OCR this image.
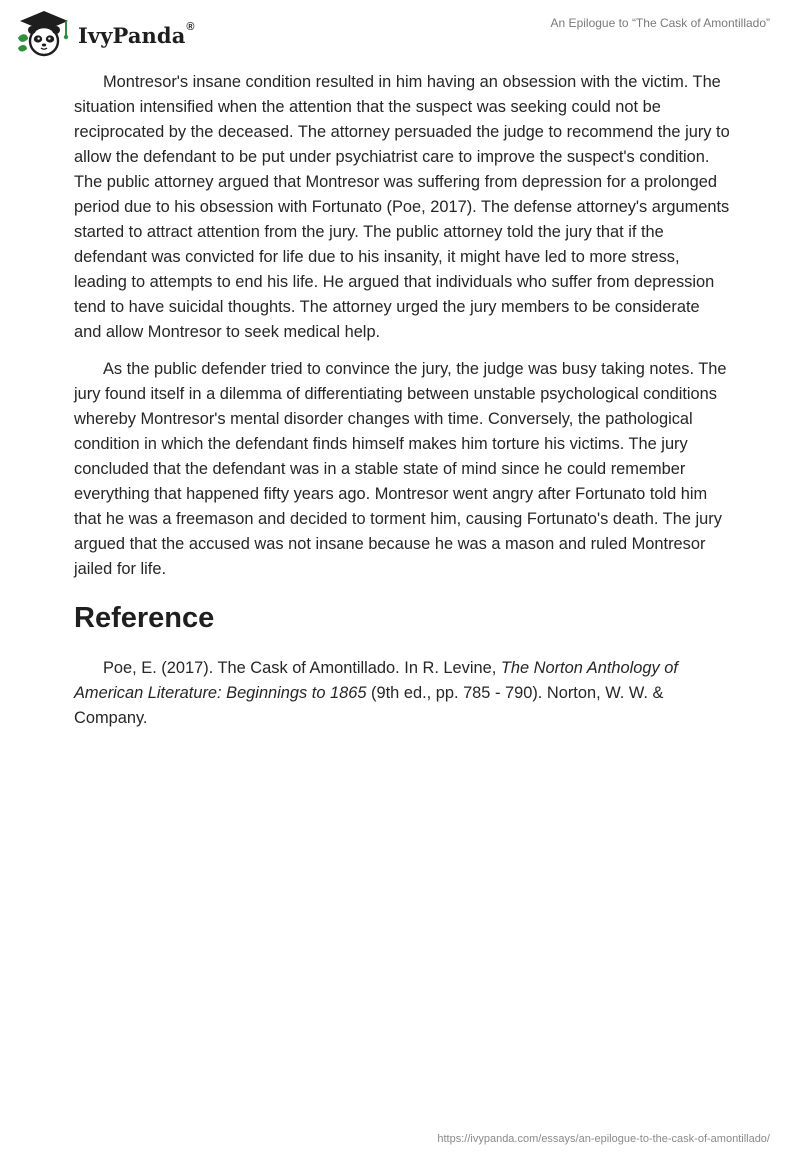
IvyPanda®	An Epilogue to “The Cask of Amontillado”

Montresor's insane condition resulted in him having an obsession with the victim. The situation intensified when the attention that the suspect was seeking could not be reciprocated by the deceased. The attorney persuaded the judge to recommend the jury to allow the defendant to be put under psychiatrist care to improve the suspect's condition. The public attorney argued that Montresor was suffering from depression for a prolonged period due to his obsession with Fortunato (Poe, 2017). The defense attorney's arguments started to attract attention from the jury. The public attorney told the jury that if the defendant was convicted for life due to his insanity, it might have led to more stress, leading to attempts to end his life. He argued that individuals who suffer from depression tend to have suicidal thoughts. The attorney urged the jury members to be considerate and allow Montresor to seek medical help.

As the public defender tried to convince the jury, the judge was busy taking notes. The jury found itself in a dilemma of differentiating between unstable psychological conditions whereby Montresor's mental disorder changes with time. Conversely, the pathological condition in which the defendant finds himself makes him torture his victims. The jury concluded that the defendant was in a stable state of mind since he could remember everything that happened fifty years ago. Montresor went angry after Fortunato told him that he was a freemason and decided to torment him, causing Fortunato's death. The jury argued that the accused was not insane because he was a mason and ruled Montresor jailed for life.

Reference

Poe, E. (2017). The Cask of Amontillado. In R. Levine, The Norton Anthology of American Literature: Beginnings to 1865 (9th ed., pp. 785 - 790). Norton, W. W. & Company.

https://ivypanda.com/essays/an-epilogue-to-the-cask-of-amontillado/
